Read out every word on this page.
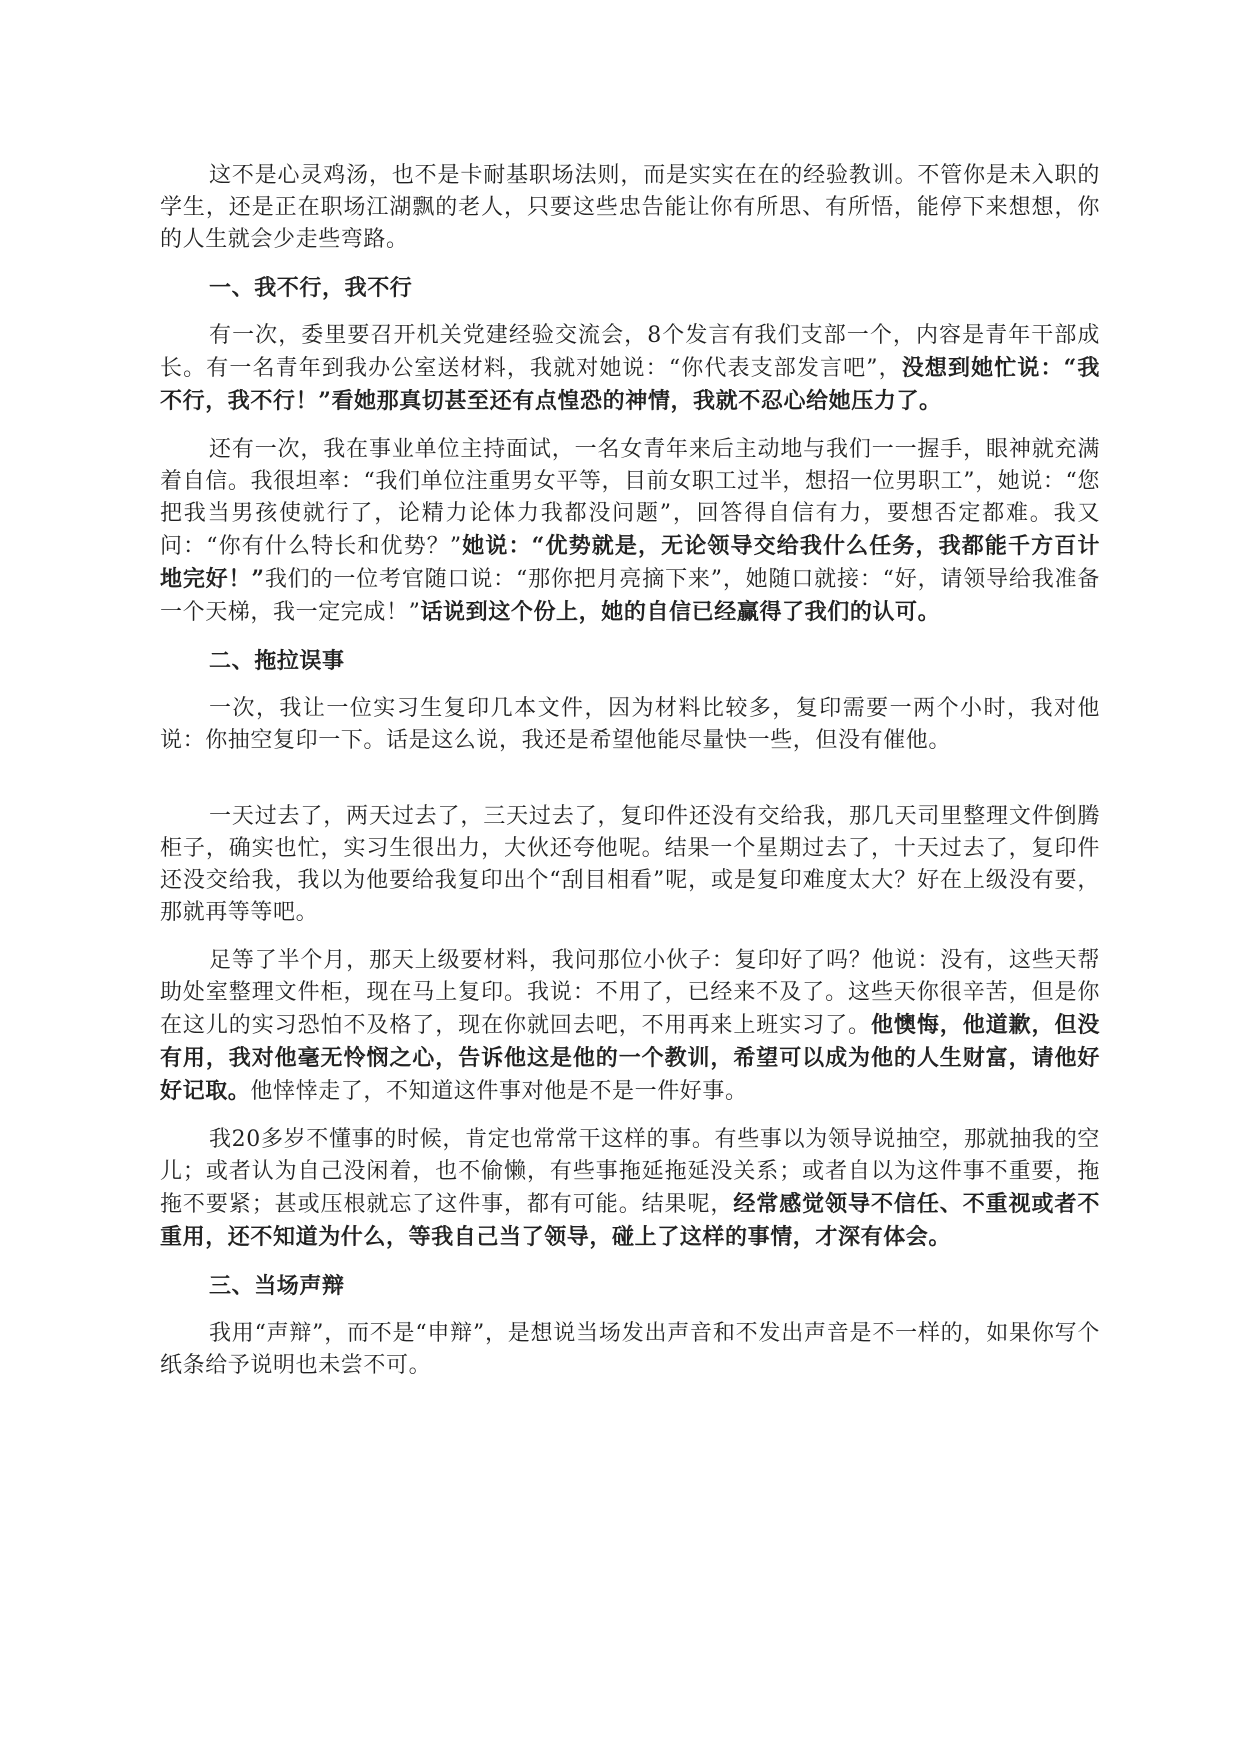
这不是心灵鸡汤，也不是卡耐基职场法则，而是实实在在的经验教训。不管你是未入职的学生，还是正在职场江湖飘的老人，只要这些忠告能让你有所思、有所悟，能停下来想想，你的人生就会少走些弯路。

一、我不行，我不行

有一次，委里要召开机关党建经验交流会，8个发言有我们支部一个，内容是青年干部成长。有一名青年到我办公室送材料，我就对她说：“你代表支部发言吧”，没想到她忙说：“我不行，我不行！”看她那真切甚至还有点惶恐的神情，我就不忍心给她压力了。

还有一次，我在事业单位主持面试，一名女青年来后主动地与我们一一握手，眼神就充满着自信。我很坦率：“我们单位注重男女平等，目前女职工过半，想招一位男职工”，她说：“您把我当男孩使就行了，论精力论体力我都没问题”，回答得自信有力，要想否定都难。我又问：“你有什么特长和优势？”她说：“优势就是，无论领导交给我什么任务，我都能千方百计地完好！”我们的一位考官随口说：“那你把月亮摘下来”，她随口就接：“好，请领导给我准备一个天梯，我一定完成！”话说到这个份上，她的自信已经赢得了我们的认可。

二、拖拉误事

一次，我让一位实习生复印几本文件，因为材料比较多，复印需要一两个小时，我对他说：你抽空复印一下。话是这么说，我还是希望他能尽量快一些，但没有催他。

一天过去了，两天过去了，三天过去了，复印件还没有交给我，那几天司里整理文件倒腾柜子，确实也忙，实习生很出力，大伙还夸他呢。结果一个星期过去了，十天过去了，复印件还没交给我，我以为他要给我复印出个“刮目相看”呢，或是复印难度太大？好在上级没有要，那就再等等吧。

足等了半个月，那天上级要材料，我问那位小伙子：复印好了吗？他说：没有，这些天帮助处室整理文件柜，现在马上复印。我说：不用了，已经来不及了。这些天你很辛苦，但是你在这儿的实习恐怕不及格了，现在你就回去吧，不用再来上班实习了。他懊悔，他道歉，但没有用，我对他毫无怜悯之心，告诉他这是他的一个教训，希望可以成为他的人生财富，请他好好记取。他悻悻走了，不知道这件事对他是不是一件好事。

我20多岁不懂事的时候，肯定也常常干这样的事。有些事以为领导说抽空，那就抽我的空儿；或者认为自己没闲着，也不偷懒，有些事拖延拖延没关系；或者自以为这件事不重要，拖拖不要紧；甚或压根就忘了这件事，都有可能。结果呢，经常感觉领导不信任、不重视或者不重用，还不知道为什么，等我自己当了领导，碰上了这样的事情，才深有体会。

三、当场声辩

我用“声辩”，而不是“申辩”，是想说当场发出声音和不发出声音是不一样的，如果你写个纸条给予说明也未尝不可。
